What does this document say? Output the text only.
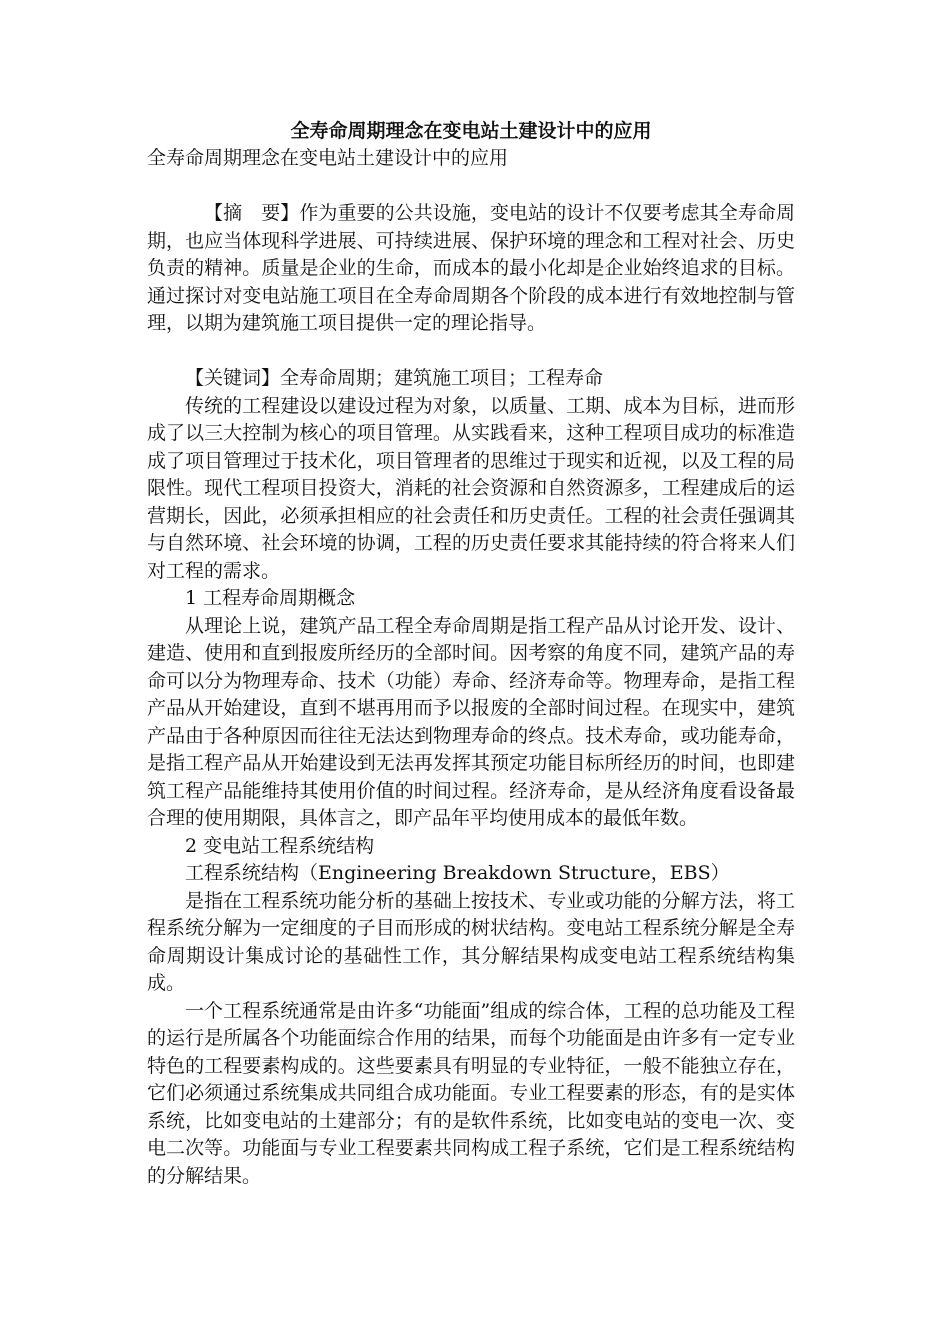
全寿命周期理念在变电站土建设计中的应用

全寿命周期理念在变电站土建设计中的应用

【摘　要】作为重要的公共设施，变电站的设计不仅要考虑其全寿命周期，也应当体现科学进展、可持续进展、保护环境的理念和工程对社会、历史负责的精神。质量是企业的生命，而成本的最小化却是企业始终追求的目标。通过探讨对变电站施工项目在全寿命周期各个阶段的成本进行有效地控制与管理，以期为建筑施工项目提供一定的理论指导。

【关键词】全寿命周期；建筑施工项目；工程寿命

传统的工程建设以建设过程为对象，以质量、工期、成本为目标，进而形成了以三大控制为核心的项目管理。从实践看来，这种工程项目成功的标准造成了项目管理过于技术化，项目管理者的思维过于现实和近视，以及工程的局限性。现代工程项目投资大，消耗的社会资源和自然资源多，工程建成后的运营期长，因此，必须承担相应的社会责任和历史责任。工程的社会责任强调其与自然环境、社会环境的协调，工程的历史责任要求其能持续的符合将来人们对工程的需求。

1 工程寿命周期概念

从理论上说，建筑产品工程全寿命周期是指工程产品从讨论开发、设计、建造、使用和直到报废所经历的全部时间。因考察的角度不同，建筑产品的寿命可以分为物理寿命、技术（功能）寿命、经济寿命等。物理寿命，是指工程产品从开始建设，直到不堪再用而予以报废的全部时间过程。在现实中，建筑产品由于各种原因而往往无法达到物理寿命的终点。技术寿命，或功能寿命，是指工程产品从开始建设到无法再发挥其预定功能目标所经历的时间，也即建筑工程产品能维持其使用价值的时间过程。经济寿命，是从经济角度看设备最合理的使用期限，具体言之，即产品年平均使用成本的最低年数。

2 变电站工程系统结构

工程系统结构（Engineering Breakdown Structure，EBS）

是指在工程系统功能分析的基础上按技术、专业或功能的分解方法，将工程系统分解为一定细度的子目而形成的树状结构。变电站工程系统分解是全寿命周期设计集成讨论的基础性工作，其分解结果构成变电站工程系统结构集成。

一个工程系统通常是由许多“功能面”组成的综合体，工程的总功能及工程的运行是所属各个功能面综合作用的结果，而每个功能面是由许多有一定专业特色的工程要素构成的。这些要素具有明显的专业特征，一般不能独立存在，它们必须通过系统集成共同组合成功能面。专业工程要素的形态，有的是实体系统，比如变电站的土建部分；有的是软件系统，比如变电站的变电一次、变电二次等。功能面与专业工程要素共同构成工程子系统，它们是工程系统结构的分解结果。
